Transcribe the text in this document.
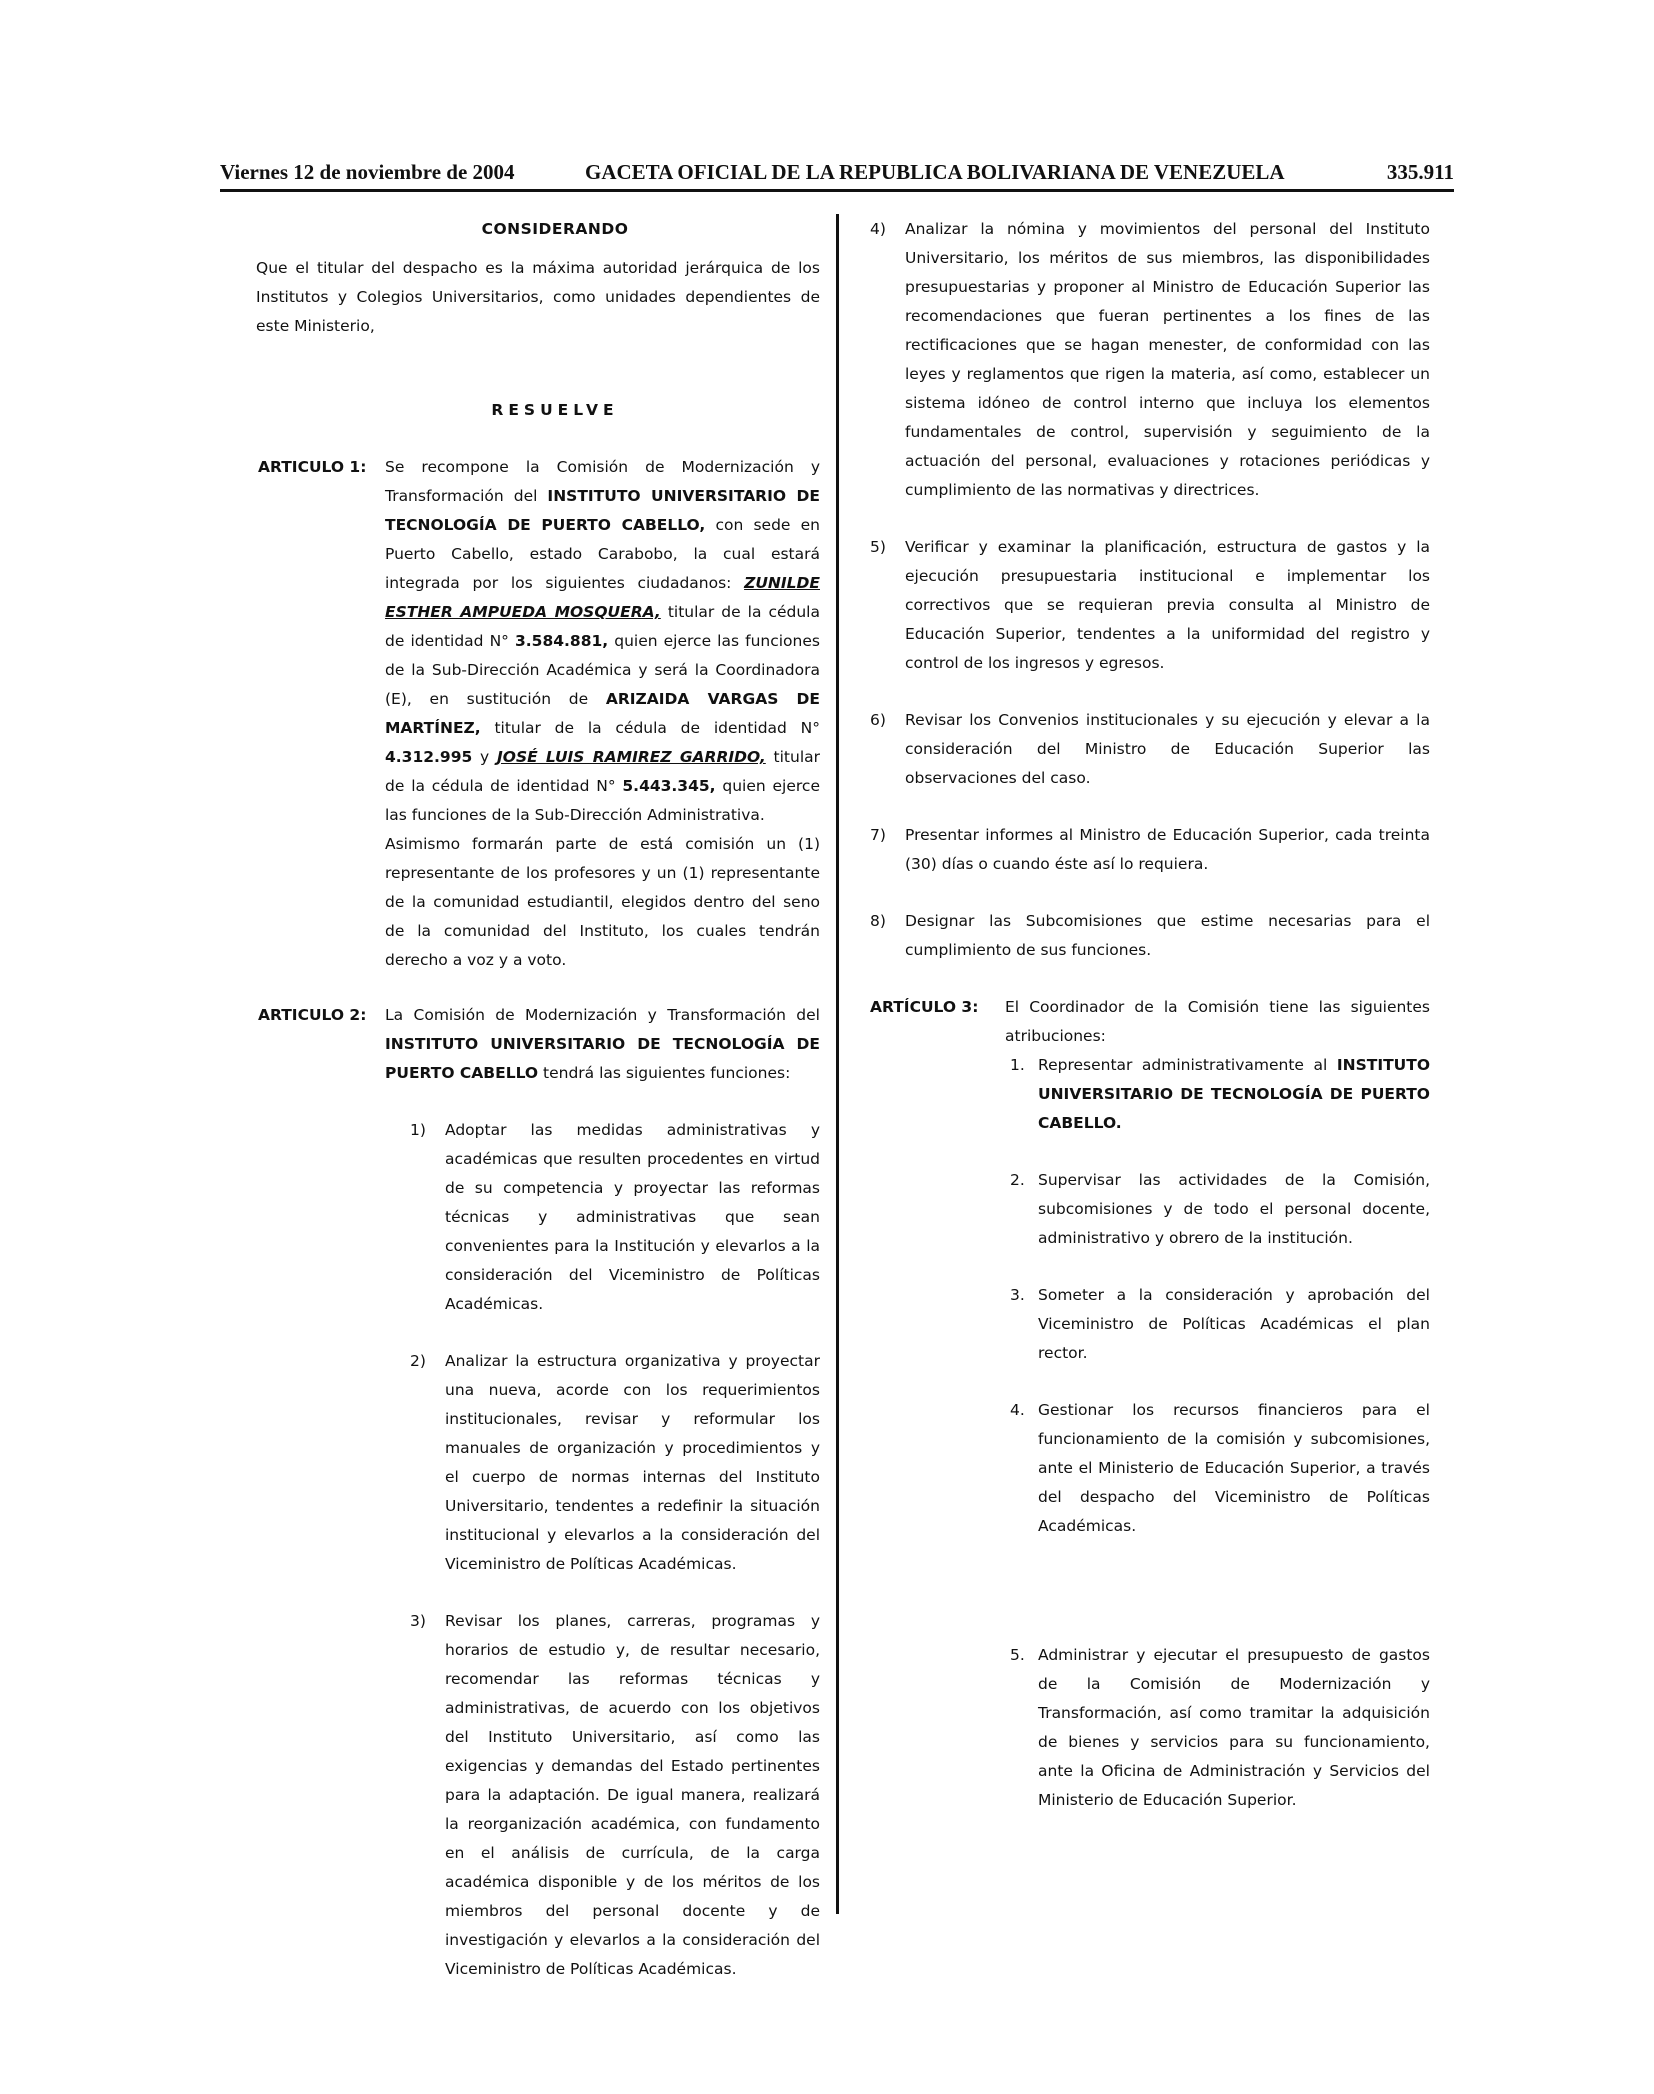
Viernes 12 de noviembre de 2004	GACETA OFICIAL DE LA REPUBLICA BOLIVARIANA DE VENEZUELA	335.911

CONSIDERANDO

Que el titular del despacho es la máxima autoridad jerárquica de los Institutos y Colegios Universitarios, como unidades dependientes de este Ministerio,

RESUELVE

ARTICULO 1: Se recompone la Comisión de Modernización y Transformación del INSTITUTO UNIVERSITARIO DE TECNOLOGÍA DE PUERTO CABELLO, con sede en Puerto Cabello, estado Carabobo, la cual estará integrada por los siguientes ciudadanos: ZUNILDE ESTHER AMPUEDA MOSQUERA, titular de la cédula de identidad N° 3.584.881, quien ejerce las funciones de la Sub-Dirección Académica y será la Coordinadora (E), en sustitución de ARIZAIDA VARGAS DE MARTÍNEZ, titular de la cédula de identidad N° 4.312.995 y JOSÉ LUIS RAMIREZ GARRIDO, titular de la cédula de identidad N° 5.443.345, quien ejerce las funciones de la Sub-Dirección Administrativa.

Asimismo formarán parte de está comisión un (1) representante de los profesores y un (1) representante de la comunidad estudiantil, elegidos dentro del seno de la comunidad del Instituto, los cuales tendrán derecho a voz y a voto.

ARTICULO 2: La Comisión de Modernización y Transformación del INSTITUTO UNIVERSITARIO DE TECNOLOGÍA DE PUERTO CABELLO tendrá las siguientes funciones:

1) Adoptar las medidas administrativas y académicas que resulten procedentes en virtud de su competencia y proyectar las reformas técnicas y administrativas que sean convenientes para la Institución y elevarlos a la consideración del Viceministro de Políticas Académicas.

2) Analizar la estructura organizativa y proyectar una nueva, acorde con los requerimientos institucionales, revisar y reformular los manuales de organización y procedimientos y el cuerpo de normas internas del Instituto Universitario, tendentes a redefinir la situación institucional y elevarlos a la consideración del Viceministro de Políticas Académicas.

3) Revisar los planes, carreras, programas y horarios de estudio y, de resultar necesario, recomendar las reformas técnicas y administrativas, de acuerdo con los objetivos del Instituto Universitario, así como las exigencias y demandas del Estado pertinentes para la adaptación. De igual manera, realizará la reorganización académica, con fundamento en el análisis de currícula, de la carga académica disponible y de los méritos de los miembros del personal docente y de investigación y elevarlos a la consideración del Viceministro de Políticas Académicas.

4) Analizar la nómina y movimientos del personal del Instituto Universitario, los méritos de sus miembros, las disponibilidades presupuestarias y proponer al Ministro de Educación Superior las recomendaciones que fueran pertinentes a los fines de las rectificaciones que se hagan menester, de conformidad con las leyes y reglamentos que rigen la materia, así como, establecer un sistema idóneo de control interno que incluya los elementos fundamentales de control, supervisión y seguimiento de la actuación del personal, evaluaciones y rotaciones periódicas y cumplimiento de las normativas y directrices.

5) Verificar y examinar la planificación, estructura de gastos y la ejecución presupuestaria institucional e implementar los correctivos que se requieran previa consulta al Ministro de Educación Superior, tendentes a la uniformidad del registro y control de los ingresos y egresos.

6) Revisar los Convenios institucionales y su ejecución y elevar a la consideración del Ministro de Educación Superior las observaciones del caso.

7) Presentar informes al Ministro de Educación Superior, cada treinta (30) días o cuando éste así lo requiera.

8) Designar las Subcomisiones que estime necesarias para el cumplimiento de sus funciones.

ARTÍCULO 3: El Coordinador de la Comisión tiene las siguientes atribuciones:

1. Representar administrativamente al INSTITUTO UNIVERSITARIO DE TECNOLOGÍA DE PUERTO CABELLO.

2. Supervisar las actividades de la Comisión, subcomisiones y de todo el personal docente, administrativo y obrero de la institución.

3. Someter a la consideración y aprobación del Viceministro de Políticas Académicas el plan rector.

4. Gestionar los recursos financieros para el funcionamiento de la comisión y subcomisiones, ante el Ministerio de Educación Superior, a través del despacho del Viceministro de Políticas Académicas.

5. Administrar y ejecutar el presupuesto de gastos de la Comisión de Modernización y Transformación, así como tramitar la adquisición de bienes y servicios para su funcionamiento, ante la Oficina de Administración y Servicios del Ministerio de Educación Superior.
